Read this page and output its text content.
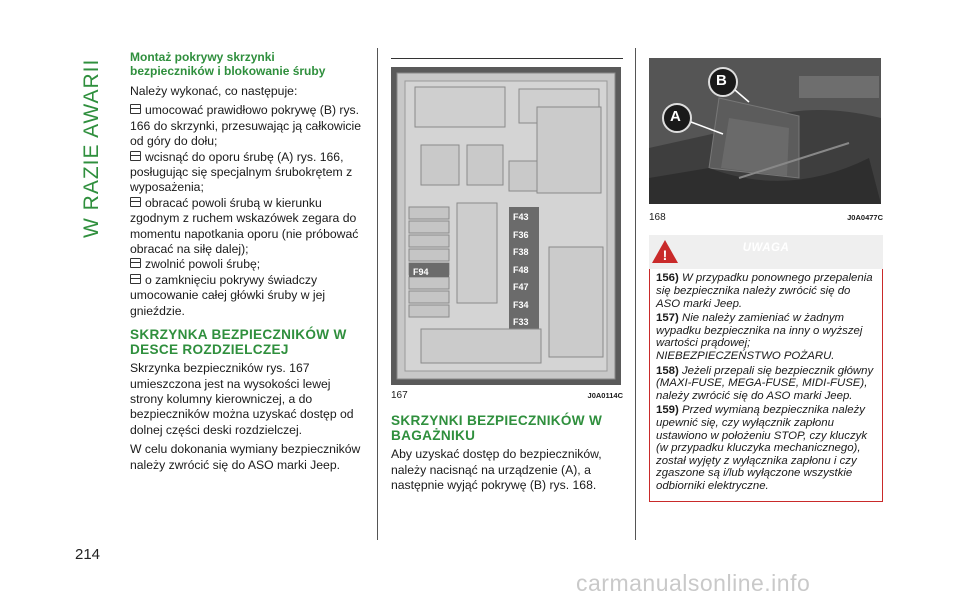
W RAZIE AWARII
Montaż pokrywy skrzynki bezpieczników i blokowanie śruby

Należy wykonać, co następuje:

umocować prawidłowo pokrywę (B) rys. 166 do skrzynki, przesuwając ją całkowicie od góry do dołu;

wcisnąć do oporu śrubę (A) rys. 166, posługując się specjalnym śrubokrętem z wyposażenia;

obracać powoli śrubą w kierunku zgodnym z ruchem wskazówek zegara do momentu napotkania oporu (nie próbować obracać na siłę dalej);

zwolnić powoli śrubę;

o zamknięciu pokrywy świadczy umocowanie całej główki śruby w jej gnieździe.

SKRZYNKA BEZPIECZNIKÓW W DESCE ROZDZIELCZEJ

Skrzynka bezpieczników rys. 167 umieszczona jest na wysokości lewej strony kolumny kierowniczej, a do bezpieczników można uzyskać dostęp od dolnej części deski rozdzielczej.

W celu dokonania wymiany bezpieczników należy zwrócić się do ASO marki Jeep.

F43
F36
F38
F48
F47
F34
F33
F94
167	J0A0114C
SKRZYNKI BEZPIECZNIKÓW W BAGAŻNIKU

Aby uzyskać dostęp do bezpieczników, należy nacisnąć na urządzenie (A), a następnie wyjąć pokrywę (B) rys. 168.

B
A
168	J0A0477C
!	UWAGA

156) W przypadku ponownego przepalenia się bezpiecznika należy zwrócić się do ASO marki Jeep.

157) Nie należy zamieniać w żadnym wypadku bezpiecznika na inny o wyższej wartości prądowej; NIEBEZPIECZEŃSTWO POŻARU.

158) Jeżeli przepali się bezpiecznik główny (MAXI-FUSE, MEGA-FUSE, MIDI-FUSE), należy zwrócić się do ASO marki Jeep.

159) Przed wymianą bezpiecznika należy upewnić się, czy wyłącznik zapłonu ustawiono w położeniu STOP, czy kluczyk (w przypadku kluczyka mechanicznego), został wyjęty z wyłącznika zapłonu i czy zgaszone są i/lub wyłączone wszystkie odbiorniki elektryczne.

214
carmanualsonline.info
